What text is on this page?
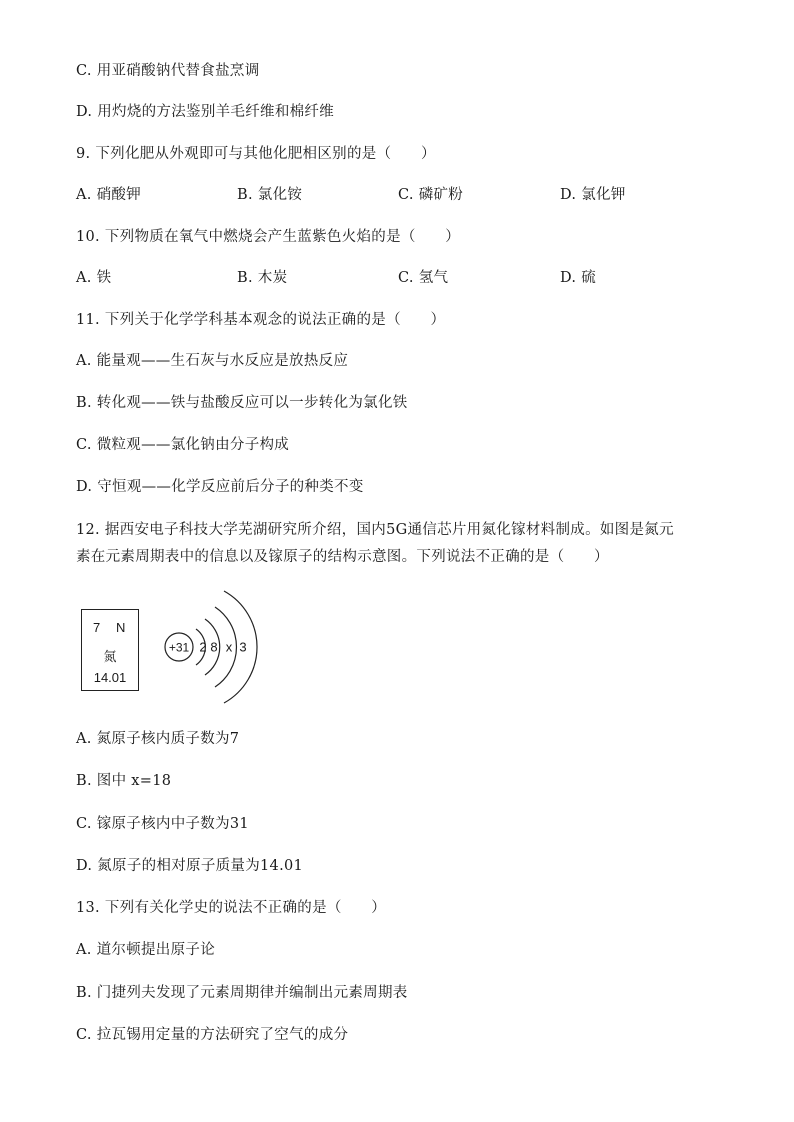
C. 用亚硝酸钠代替食盐烹调
D. 用灼烧的方法鉴别羊毛纤维和棉纤维
9. 下列化肥从外观即可与其他化肥相区别的是（　　）
A. 硝酸钾	B. 氯化铵	C. 磷矿粉	D. 氯化钾
10. 下列物质在氧气中燃烧会产生蓝紫色火焰的是（　　）
A. 铁	B. 木炭	C. 氢气	D. 硫
11. 下列关于化学学科基本观念的说法正确的是（　　）
A. 能量观——生石灰与水反应是放热反应
B. 转化观——铁与盐酸反应可以一步转化为氯化铁
C. 微粒观——氯化钠由分子构成
D. 守恒观——化学反应前后分子的种类不变
12. 据西安电子科技大学芜湖研究所介绍，国内5G通信芯片用氮化镓材料制成。如图是氮元
素在元素周期表中的信息以及镓原子的结构示意图。下列说法不正确的是（　　）
7 N
氮
14.01
+31 2 8 x 3
A. 氮原子核内质子数为7
B. 图中 x=18
C. 镓原子核内中子数为31
D. 氮原子的相对原子质量为14.01
13. 下列有关化学史的说法不正确的是（　　）
A. 道尔顿提出原子论
B. 门捷列夫发现了元素周期律并编制出元素周期表
C. 拉瓦锡用定量的方法研究了空气的成分
